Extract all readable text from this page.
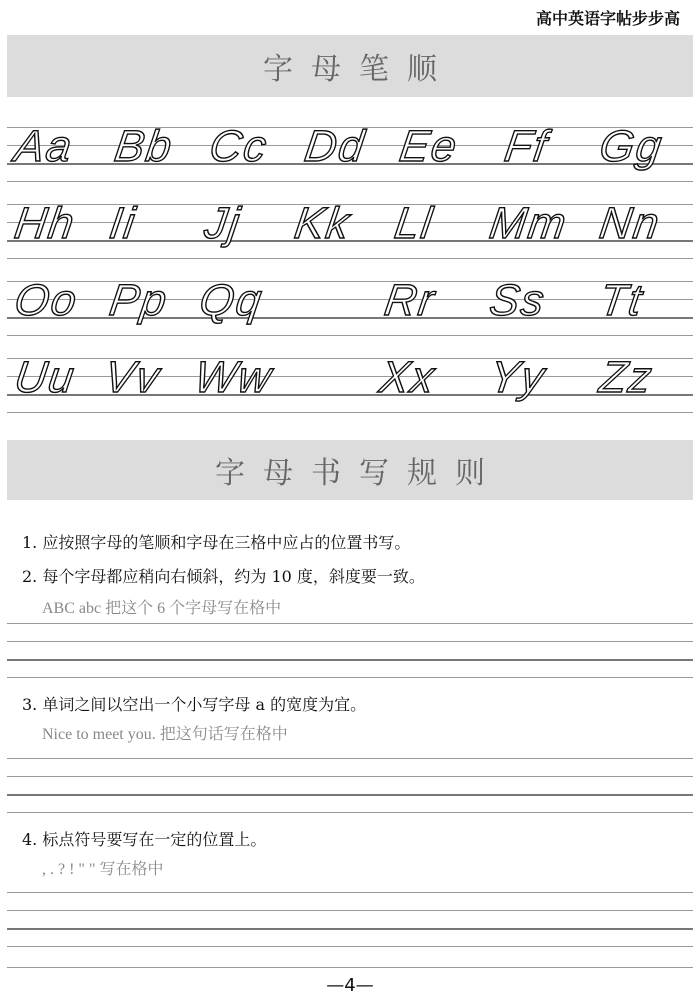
高中英语字帖步步高
字母笔顺
Aa Bb Cc Dd Ee Ff Gg
Hh Ii Jj Kk Ll Mm Nn
Oo Pp Qq	Rr Ss Tt
Uu Vv Ww Xx Yy Zz
字母书写规则
1. 应按照字母的笔顺和字母在三格中应占的位置书写。
2. 每个字母都应稍向右倾斜，约为 10 度，斜度要一致。
ABC abc 把这个 6 个字母写在格中
3. 单词之间以空出一个小写字母 a 的宽度为宜。
Nice to meet you. 把这句话写在格中
4. 标点符号要写在一定的位置上。
, . ? ! " " 写在格中
—4—
